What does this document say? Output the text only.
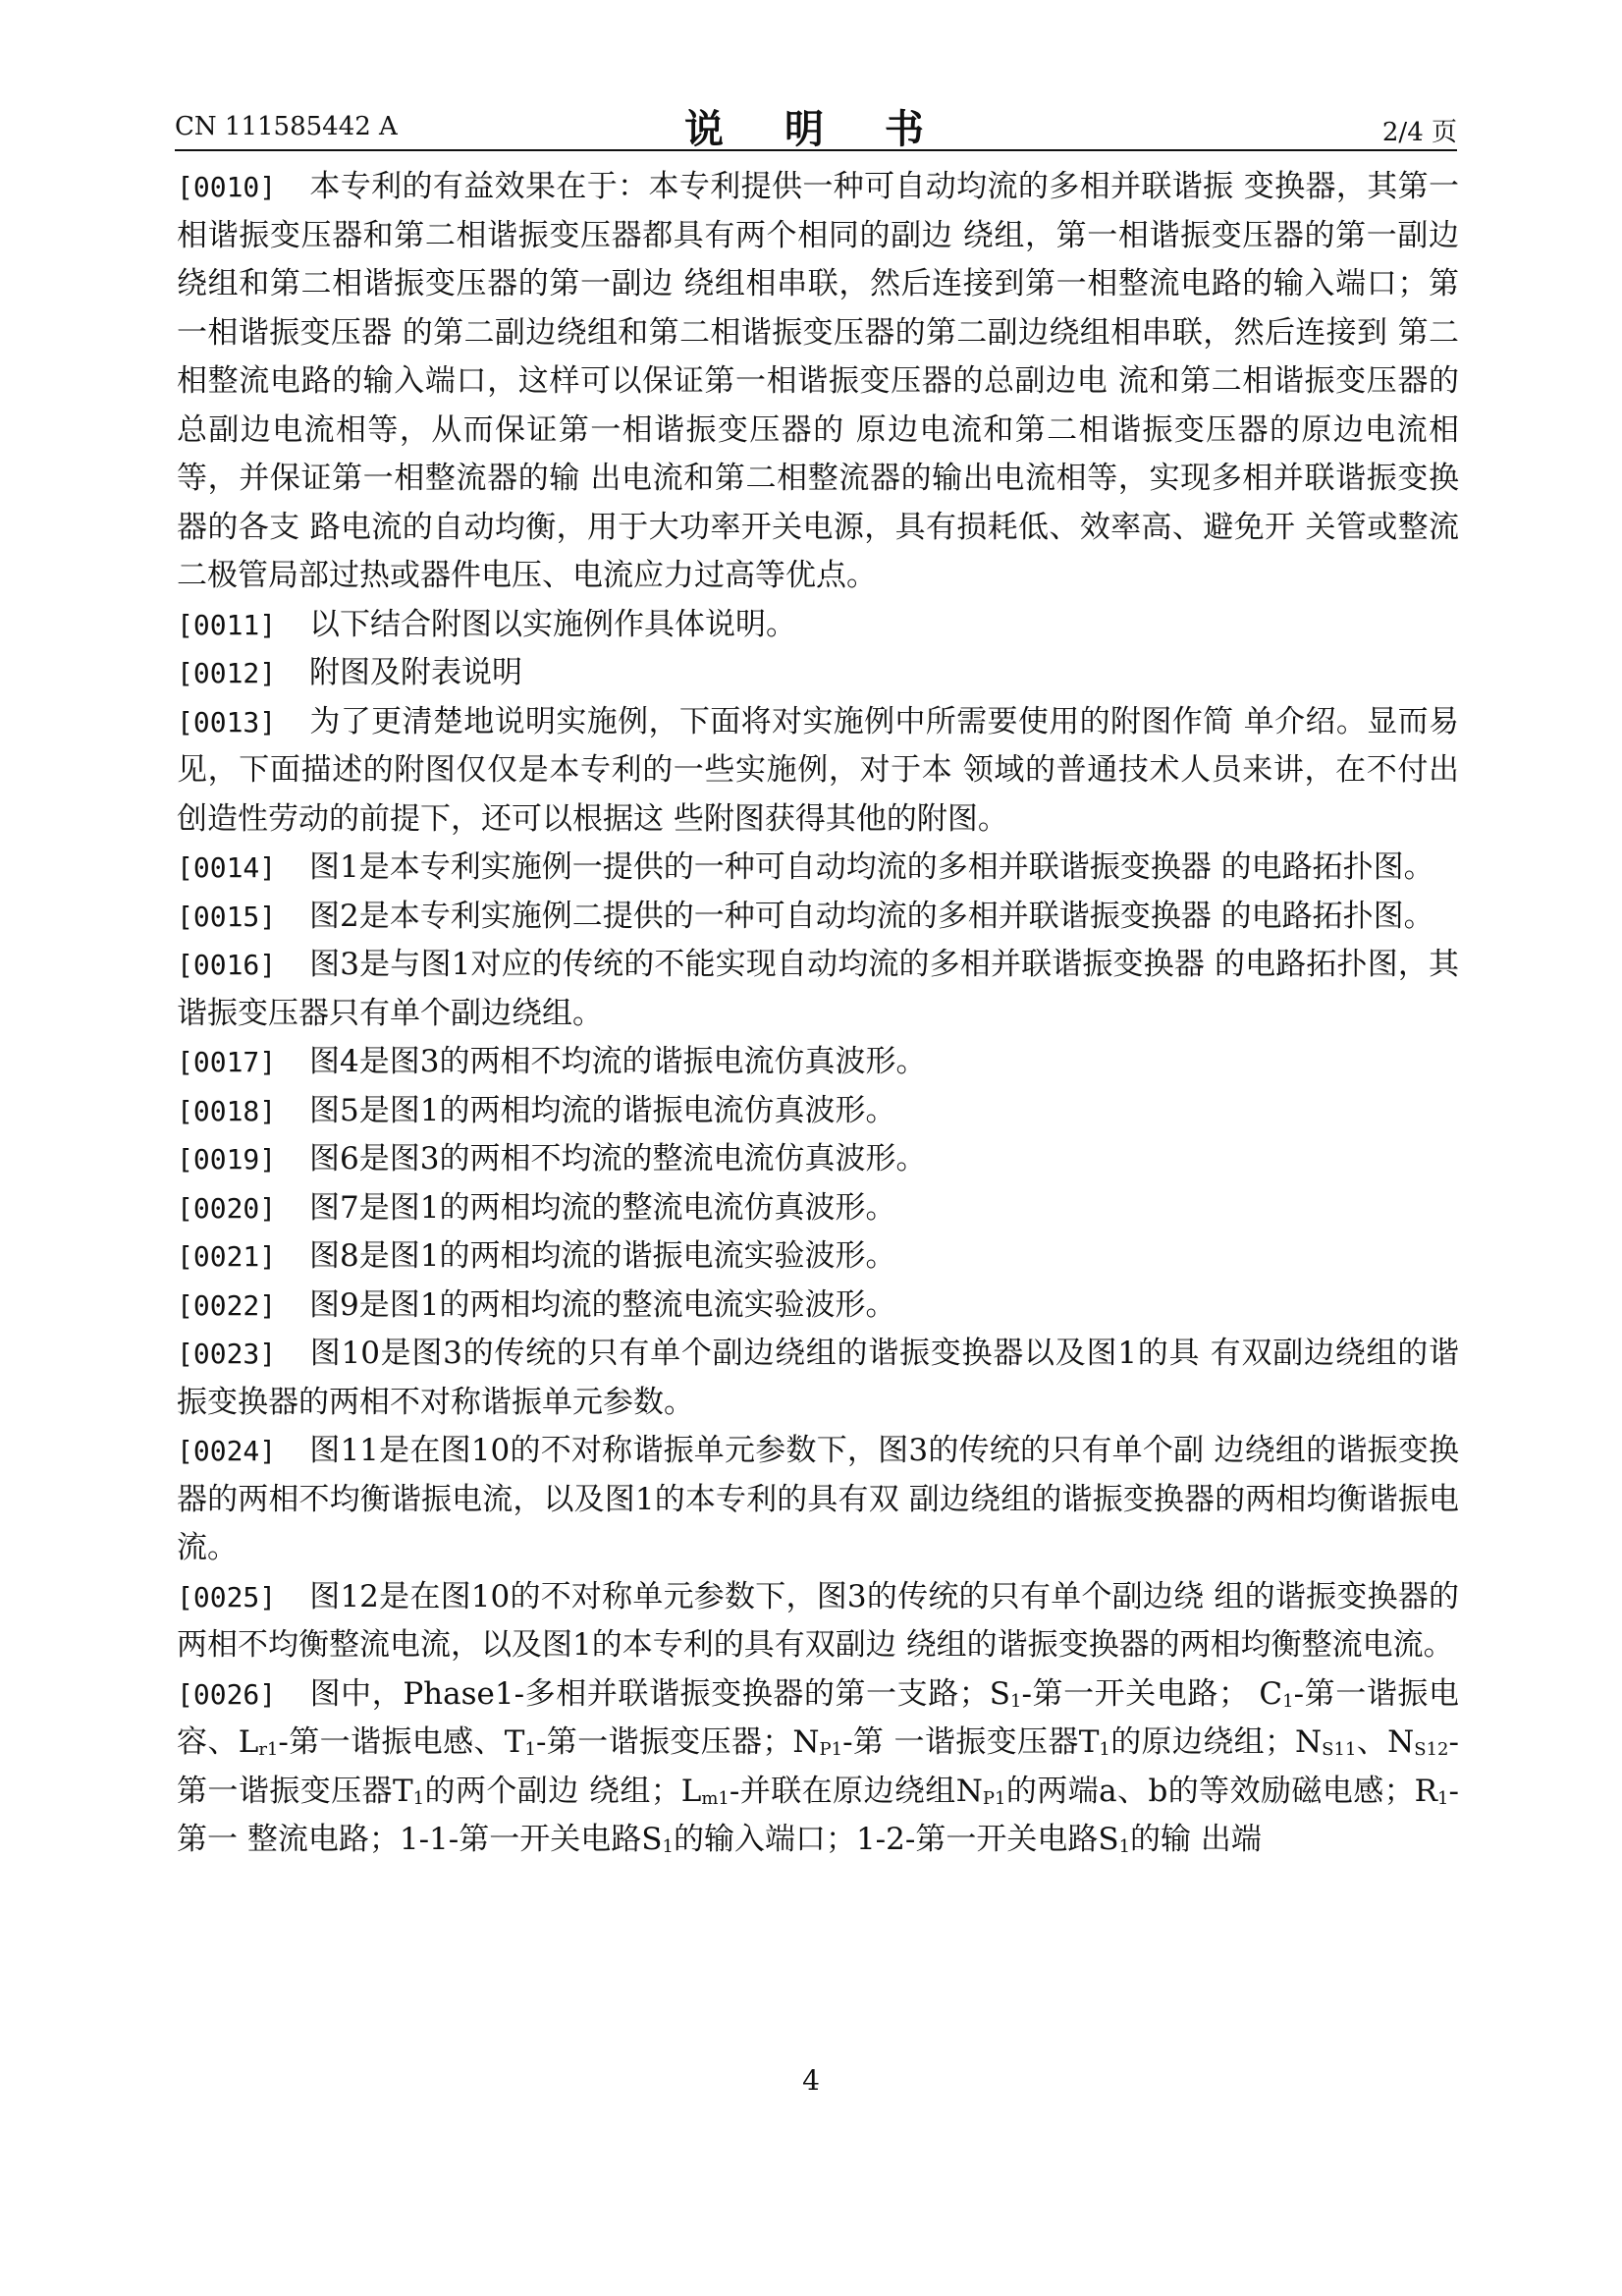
CN 111585442 A	说 明 书	2/4 页

[0010] 本专利的有益效果在于：本专利提供一种可自动均流的多相并联谐振 变换器，其第一相谐振变压器和第二相谐振变压器都具有两个相同的副边 绕组，第一相谐振变压器的第一副边绕组和第二相谐振变压器的第一副边 绕组相串联，然后连接到第一相整流电路的输入端口；第一相谐振变压器 的第二副边绕组和第二相谐振变压器的第二副边绕组相串联，然后连接到 第二相整流电路的输入端口，这样可以保证第一相谐振变压器的总副边电 流和第二相谐振变压器的总副边电流相等，从而保证第一相谐振变压器的 原边电流和第二相谐振变压器的原边电流相等，并保证第一相整流器的输 出电流和第二相整流器的输出电流相等，实现多相并联谐振变换器的各支 路电流的自动均衡，用于大功率开关电源，具有损耗低、效率高、避免开 关管或整流二极管局部过热或器件电压、电流应力过高等优点。

[0011] 以下结合附图以实施例作具体说明。

[0012] 附图及附表说明

[0013] 为了更清楚地说明实施例，下面将对实施例中所需要使用的附图作简 单介绍。显而易见，下面描述的附图仅仅是本专利的一些实施例，对于本 领域的普通技术人员来讲，在不付出创造性劳动的前提下，还可以根据这 些附图获得其他的附图。

[0014] 图1是本专利实施例一提供的一种可自动均流的多相并联谐振变换器 的电路拓扑图。

[0015] 图2是本专利实施例二提供的一种可自动均流的多相并联谐振变换器 的电路拓扑图。

[0016] 图3是与图1对应的传统的不能实现自动均流的多相并联谐振变换器 的电路拓扑图，其谐振变压器只有单个副边绕组。

[0017] 图4是图3的两相不均流的谐振电流仿真波形。

[0018] 图5是图1的两相均流的谐振电流仿真波形。

[0019] 图6是图3的两相不均流的整流电流仿真波形。

[0020] 图7是图1的两相均流的整流电流仿真波形。

[0021] 图8是图1的两相均流的谐振电流实验波形。

[0022] 图9是图1的两相均流的整流电流实验波形。

[0023] 图10是图3的传统的只有单个副边绕组的谐振变换器以及图1的具 有双副边绕组的谐振变换器的两相不对称谐振单元参数。

[0024] 图11是在图10的不对称谐振单元参数下，图3的传统的只有单个副 边绕组的谐振变换器的两相不均衡谐振电流，以及图1的本专利的具有双 副边绕组的谐振变换器的两相均衡谐振电流。

[0025] 图12是在图10的不对称单元参数下，图3的传统的只有单个副边绕 组的谐振变换器的两相不均衡整流电流，以及图1的本专利的具有双副边 绕组的谐振变换器的两相均衡整流电流。

[0026] 图中，Phase1-多相并联谐振变换器的第一支路；$S_1-$第一开关电路； $C_1-$第一谐振电容、$L_{r1}-$第一谐振电感、$T_1-$第一谐振变压器；$N_{P1}-$第 一谐振变压器$T_1$的原边绕组；$N_{S11}$、$N_{S12}-$第一谐振变压器$T_1$的两个副边 绕组；$L_{m1}-$并联在原边绕组$N_{P1}$的两端a、b的等效励磁电感；$R_1-$第一 整流电路；1-1-第一开关电路$S_1$的输入端口；1-2-第一开关电路$S_1$的输 出端

4
